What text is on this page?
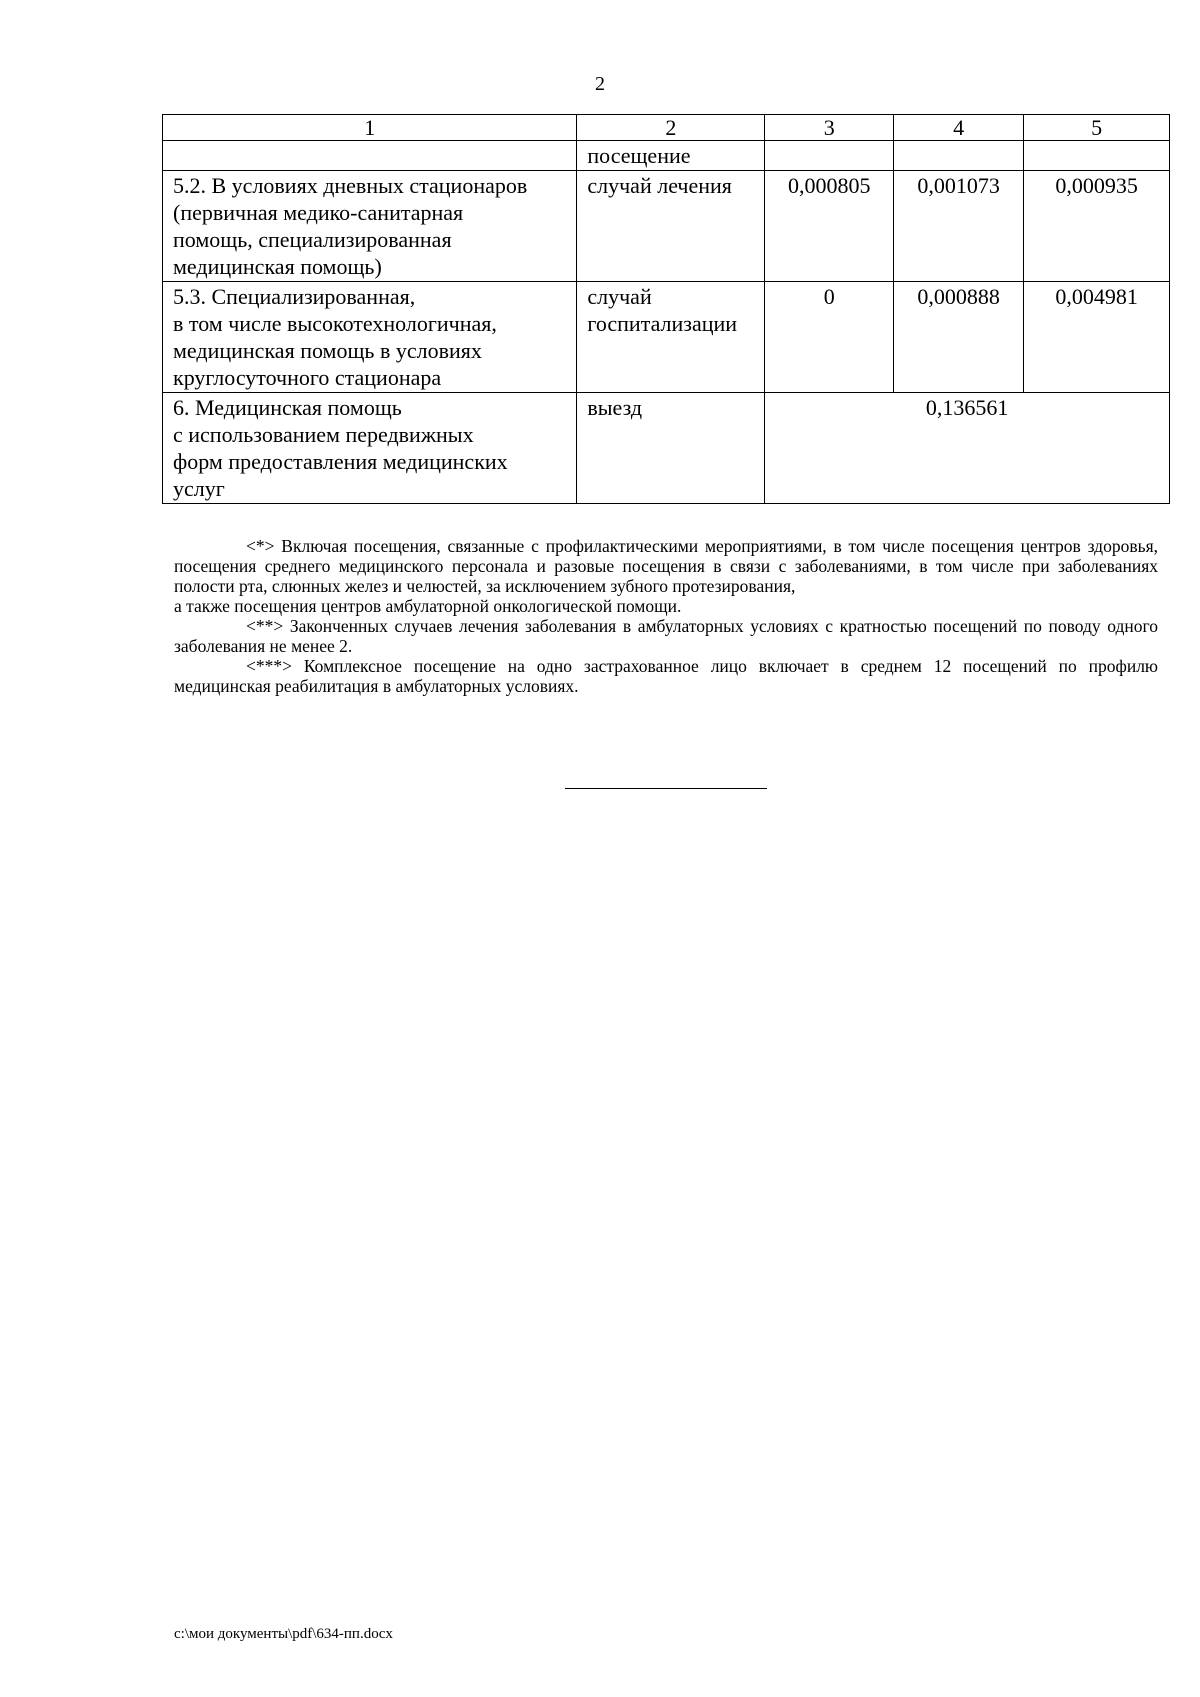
2
1	2	3	4	5

	посещение			

5.2. В условиях дневных стационаров
(первичная медико-санитарная
помощь, специализированная
медицинская помощь)	случай лечения	0,000805	0,001073	0,000935

5.3. Специализированная,
в том числе высокотехнологичная,
медицинская помощь в условиях
круглосуточного стационара	случай
госпитализации	0	0,000888	0,004981

6. Медицинская помощь
с использованием передвижных
форм предоставления медицинских
услуг	выезд	0,136561		

<*> Включая посещения, связанные с профилактическими мероприятиями, в том числе посещения центров здоровья, посещения среднего медицинского персонала и разовые посещения в связи с заболеваниями, в том числе при заболеваниях полости рта, слюнных желез и челюстей, за исключением зубного протезирования,

а также посещения центров амбулаторной онкологической помощи.

<**> Законченных случаев лечения заболевания в амбулаторных условиях с кратностью посещений по поводу одного заболевания не менее 2.

<***> Комплексное посещение на одно застрахованное лицо включает в среднем 12 посещений по профилю медицинская реабилитация в амбулаторных условиях.

c:\мои документы\pdf\634-пп.docx
